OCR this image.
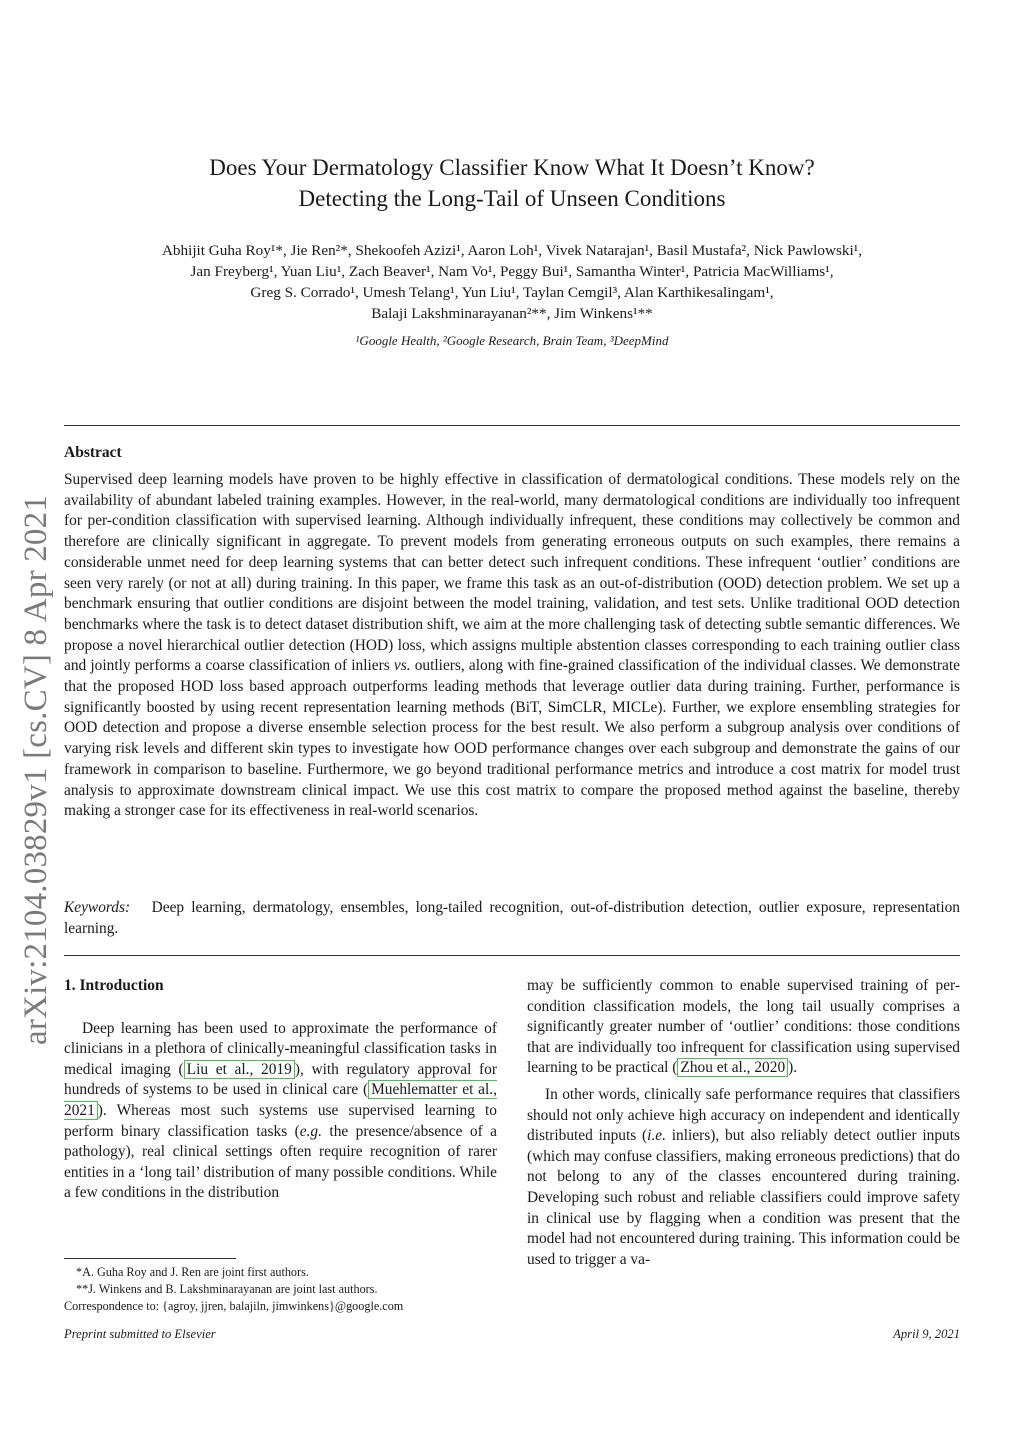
arXiv:2104.03829v1 [cs.CV] 8 Apr 2021
Does Your Dermatology Classifier Know What It Doesn’t Know?
Detecting the Long-Tail of Unseen Conditions
Abhijit Guha Roy¹*, Jie Ren²*, Shekoofeh Azizi¹, Aaron Loh¹, Vivek Natarajan¹, Basil Mustafa², Nick Pawlowski¹,
Jan Freyberg¹, Yuan Liu¹, Zach Beaver¹, Nam Vo¹, Peggy Bui¹, Samantha Winter¹, Patricia MacWilliams¹,
Greg S. Corrado¹, Umesh Telang¹, Yun Liu¹, Taylan Cemgil³, Alan Karthikesalingam¹,
Balaji Lakshminarayanan²**, Jim Winkens¹**
¹Google Health, ²Google Research, Brain Team, ³DeepMind
Abstract
Supervised deep learning models have proven to be highly effective in classification of dermatological conditions. These models rely on the availability of abundant labeled training examples. However, in the real-world, many dermatological conditions are individually too infrequent for per-condition classification with supervised learning. Although individually infrequent, these conditions may collectively be common and therefore are clinically significant in aggregate. To prevent models from generating erroneous outputs on such examples, there remains a considerable unmet need for deep learning systems that can better detect such infrequent conditions. These infrequent ‘outlier’ conditions are seen very rarely (or not at all) during training. In this paper, we frame this task as an out-of-distribution (OOD) detection problem. We set up a benchmark ensuring that outlier conditions are disjoint between the model training, validation, and test sets. Unlike traditional OOD detection benchmarks where the task is to detect dataset distribution shift, we aim at the more challenging task of detecting subtle semantic differences. We propose a novel hierarchical outlier detection (HOD) loss, which assigns multiple abstention classes corresponding to each training outlier class and jointly performs a coarse classification of inliers vs. outliers, along with fine-grained classification of the individual classes. We demonstrate that the proposed HOD loss based approach outperforms leading methods that leverage outlier data during training. Further, performance is significantly boosted by using recent representation learning methods (BiT, SimCLR, MICLe). Further, we explore ensembling strategies for OOD detection and propose a diverse ensemble selection process for the best result. We also perform a subgroup analysis over conditions of varying risk levels and different skin types to investigate how OOD performance changes over each subgroup and demonstrate the gains of our framework in comparison to baseline. Furthermore, we go beyond traditional performance metrics and introduce a cost matrix for model trust analysis to approximate downstream clinical impact. We use this cost matrix to compare the proposed method against the baseline, thereby making a stronger case for its effectiveness in real-world scenarios.
Keywords: Deep learning, dermatology, ensembles, long-tailed recognition, out-of-distribution detection, outlier exposure, representation learning.
1. Introduction

Deep learning has been used to approximate the performance of clinicians in a plethora of clinically-meaningful classification tasks in medical imaging ( Liu et al., 2019 ), with regulatory approval for hundreds of systems to be used in clinical care ( Muehlematter et al., 2021 ). Whereas most such systems use supervised learning to perform binary classification tasks (e.g. the presence/absence of a pathology), real clinical settings often require recognition of rarer entities in a ‘long tail’ distribution of many possible conditions. While a few conditions in the distribution

may be sufficiently common to enable supervised training of per-condition classification models, the long tail usually comprises a significantly greater number of ‘outlier’ conditions: those conditions that are individually too infrequent for classification using supervised learning to be practical ( Zhou et al., 2020 ).

In other words, clinically safe performance requires that classifiers should not only achieve high accuracy on independent and identically distributed inputs (i.e. inliers), but also reliably detect outlier inputs (which may confuse classifiers, making erroneous predictions) that do not belong to any of the classes encountered during training. Developing such robust and reliable classifiers could improve safety in clinical use by flagging when a condition was present that the model had not encountered during training. This information could be used to trigger a va-

*A. Guha Roy and J. Ren are joint first authors.
**J. Winkens and B. Lakshminarayanan are joint last authors.
Correspondence to: {agroy, jjren, balajiln, jimwinkens}@google.com
Preprint submitted to Elsevier	April 9, 2021
